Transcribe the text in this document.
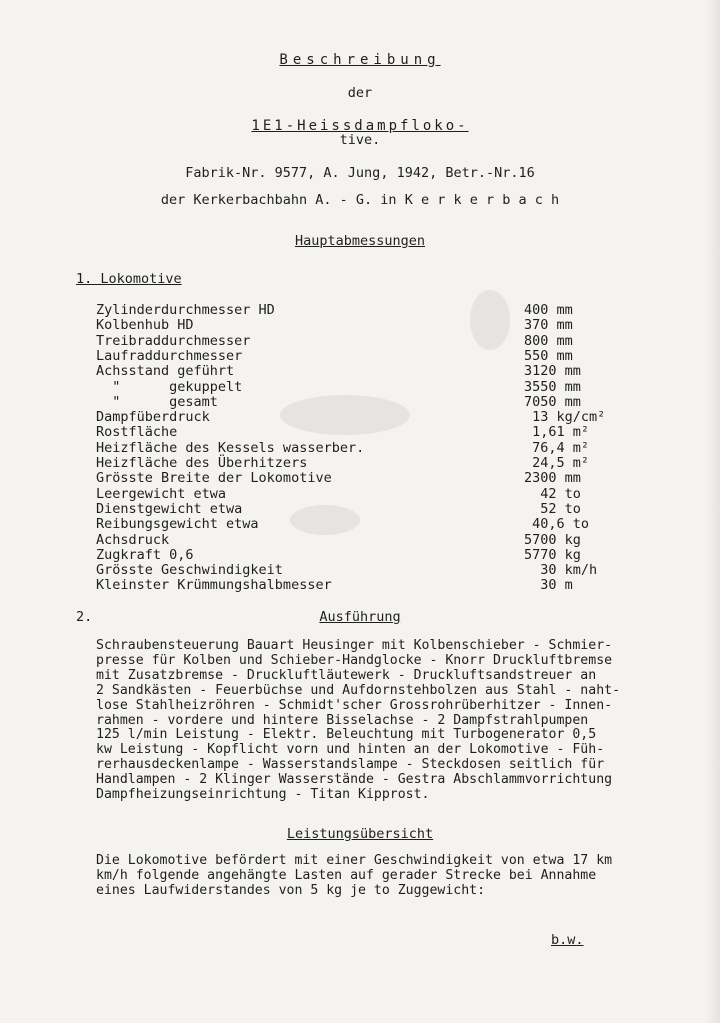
Beschreibung
der
1E1-Heissdampfloko-
tive.
Fabrik-Nr. 9577, A. Jung, 1942, Betr.-Nr.16
der Kerkerbachbahn A. - G. in K e r k e r b a c h
Hauptabmessungen
1. Lokomotive
Zylinderdurchmesser HD	400 mm
Kolbenhub HD	370 mm
Treibraddurchmesser	800 mm
Laufraddurchmesser	550 mm
Achsstand geführt	3120 mm
"      gekuppelt	3550 mm
"      gesamt	7050 mm
Dampfüberdruck	13 kg/cm²
Rostfläche	1,61 m²
Heizfläche des Kessels wasserber.	76,4 m²
Heizfläche des Überhitzers	24,5 m²
Grösste Breite der Lokomotive	2300 mm
Leergewicht etwa	42 to
Dienstgewicht etwa	52 to
Reibungsgewicht etwa	40,6 to
Achsdruck	5700 kg
Zugkraft 0,6	5770 kg
Grösste Geschwindigkeit	30 km/h
Kleinster Krümmungshalbmesser	30 m
2.	Ausführung
Schraubensteuerung Bauart Heusinger mit Kolbenschieber - Schmier-
presse für Kolben und Schieber-Handglocke - Knorr Druckluftbremse
mit Zusatzbremse - Druckluftläutewerk - Druckluftsandstreuer an
2 Sandkästen - Feuerbüchse und Aufdornstehbolzen aus Stahl - naht-
lose Stahlheizröhren - Schmidt'scher Grossrohrüberhitzer - Innen-
rahmen - vordere und hintere Bisselachse - 2 Dampfstrahlpumpen
125 l/min Leistung - Elektr. Beleuchtung mit Turbogenerator 0,5
kw Leistung - Kopflicht vorn und hinten an der Lokomotive - Füh-
rerhausdeckenlampe - Wasserstandslampe - Steckdosen seitlich für
Handlampen - 2 Klinger Wasserstände - Gestra Abschlammvorrichtung
Dampfheizungseinrichtung - Titan Kipprost.
Leistungsübersicht
Die Lokomotive befördert mit einer Geschwindigkeit von etwa 17 km
km/h folgende angehängte Lasten auf gerader Strecke bei Annahme
eines Laufwiderstandes von 5 kg je to Zuggewicht:
b.w.
